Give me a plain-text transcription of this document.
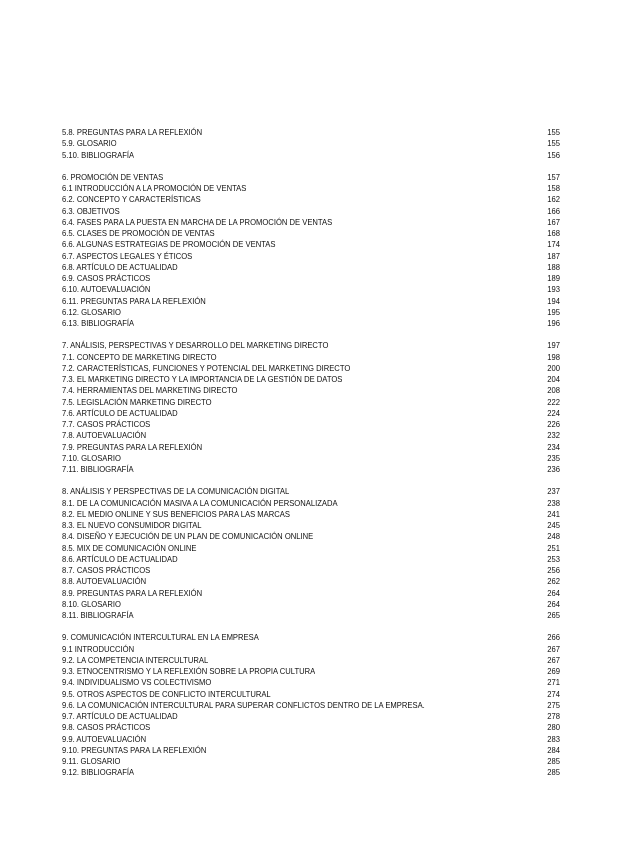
5.8. PREGUNTAS PARA LA REFLEXIÓN	155
5.9. GLOSARIO	155
5.10. BIBLIOGRAFÍA	156
6. PROMOCIÓN DE VENTAS	157
6.1 INTRODUCCIÓN A LA PROMOCIÓN DE VENTAS	158
6.2. CONCEPTO Y CARACTERÍSTICAS	162
6.3. OBJETIVOS	166
6.4. FASES PARA LA PUESTA EN MARCHA DE LA PROMOCIÓN DE VENTAS	167
6.5. CLASES DE PROMOCIÓN DE VENTAS	168
6.6. ALGUNAS ESTRATEGIAS DE PROMOCIÓN DE VENTAS	174
6.7. ASPECTOS LEGALES Y ÉTICOS	187
6.8. ARTÍCULO DE ACTUALIDAD	188
6.9. CASOS PRÁCTICOS	189
6.10. AUTOEVALUACIÓN	193
6.11. PREGUNTAS PARA LA REFLEXIÓN	194
6.12. GLOSARIO	195
6.13. BIBLIOGRAFÍA	196
7. ANÁLISIS, PERSPECTIVAS Y DESARROLLO DEL MARKETING DIRECTO	197
7.1. CONCEPTO DE MARKETING DIRECTO	198
7.2. CARACTERÍSTICAS, FUNCIONES Y POTENCIAL DEL MARKETING DIRECTO	200
7.3. EL MARKETING DIRECTO Y LA IMPORTANCIA DE LA GESTIÓN DE DATOS	204
7.4. HERRAMIENTAS DEL MARKETING DIRECTO	208
7.5. LEGISLACIÓN MARKETING DIRECTO	222
7.6. ARTÍCULO DE ACTUALIDAD	224
7.7. CASOS PRÁCTICOS	226
7.8. AUTOEVALUACIÓN	232
7.9. PREGUNTAS PARA LA REFLEXIÓN	234
7.10. GLOSARIO	235
7.11. BIBLIOGRAFÍA	236
8. ANÁLISIS Y PERSPECTIVAS DE LA COMUNICACIÓN DIGITAL	237
8.1. DE LA COMUNICACIÓN MASIVA A LA COMUNICACIÓN PERSONALIZADA	238
8.2. EL MEDIO ONLINE Y SUS BENEFICIOS PARA LAS MARCAS	241
8.3. EL NUEVO CONSUMIDOR DIGITAL	245
8.4. DISEÑO Y EJECUCIÓN DE UN PLAN DE COMUNICACIÓN ONLINE	248
8.5. MIX DE COMUNICACIÓN ONLINE	251
8.6. ARTÍCULO DE ACTUALIDAD	253
8.7. CASOS PRÁCTICOS	256
8.8. AUTOEVALUACIÓN	262
8.9. PREGUNTAS PARA LA REFLEXIÓN	264
8.10. GLOSARIO	264
8.11. BIBLIOGRAFÍA	265
9. COMUNICACIÓN INTERCULTURAL EN LA EMPRESA	266
9.1 INTRODUCCIÓN	267
9.2. LA COMPETENCIA INTERCULTURAL	267
9.3. ETNOCENTRISMO Y LA REFLEXIÓN SOBRE LA PROPIA CULTURA	269
9.4. INDIVIDUALISMO VS COLECTIVISMO	271
9.5. OTROS ASPECTOS DE CONFLICTO INTERCULTURAL	274
9.6. LA COMUNICACIÓN INTERCULTURAL PARA SUPERAR CONFLICTOS DENTRO DE LA EMPRESA.	275
9.7. ARTÍCULO DE ACTUALIDAD	278
9.8. CASOS PRÁCTICOS	280
9.9. AUTOEVALUACIÓN	283
9.10. PREGUNTAS PARA LA REFLEXIÓN	284
9.11. GLOSARIO	285
9.12. BIBLIOGRAFÍA	285
